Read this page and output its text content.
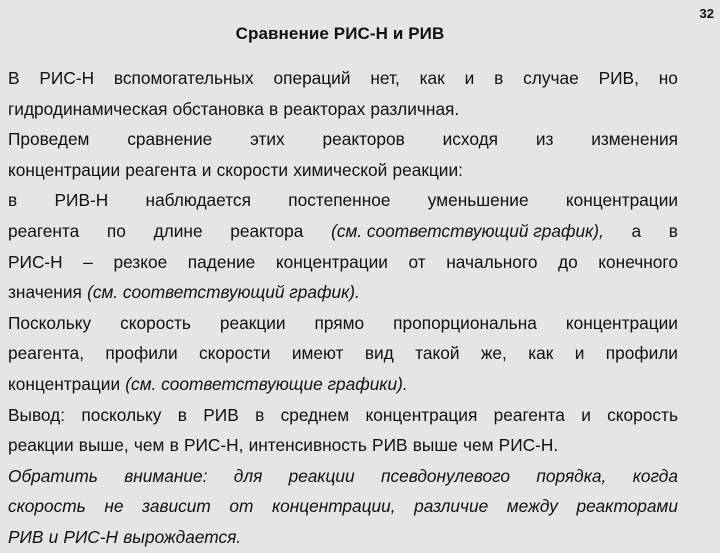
32
Сравнение РИС-Н и РИВ
В РИС-Н вспомогательных операций нет, как и в случае РИВ, но
гидродинамическая обстановка в реакторах различная.
Проведем сравнение этих реакторов исходя из изменения
концентрации реагента и скорости химической реакции:
в РИВ-Н наблюдается постепенное уменьшение концентрации
реагента по длине реактора (см. соответствующий график), а в
РИС-Н – резкое падение концентрации от начального до конечного
значения (см. соответствующий график).
Поскольку скорость реакции прямо пропорциональна концентрации
реагента, профили скорости имеют вид такой же, как и профили
концентрации (см. соответствующие графики).
Вывод: поскольку в РИВ в среднем концентрация реагента и скорость
реакции выше, чем в РИС-Н, интенсивность РИВ выше чем РИС-Н.
Обратить внимание: для реакции псевдонулевого порядка, когда
скорость не зависит от концентрации, различие между реакторами
РИВ и РИС-Н вырождается.
